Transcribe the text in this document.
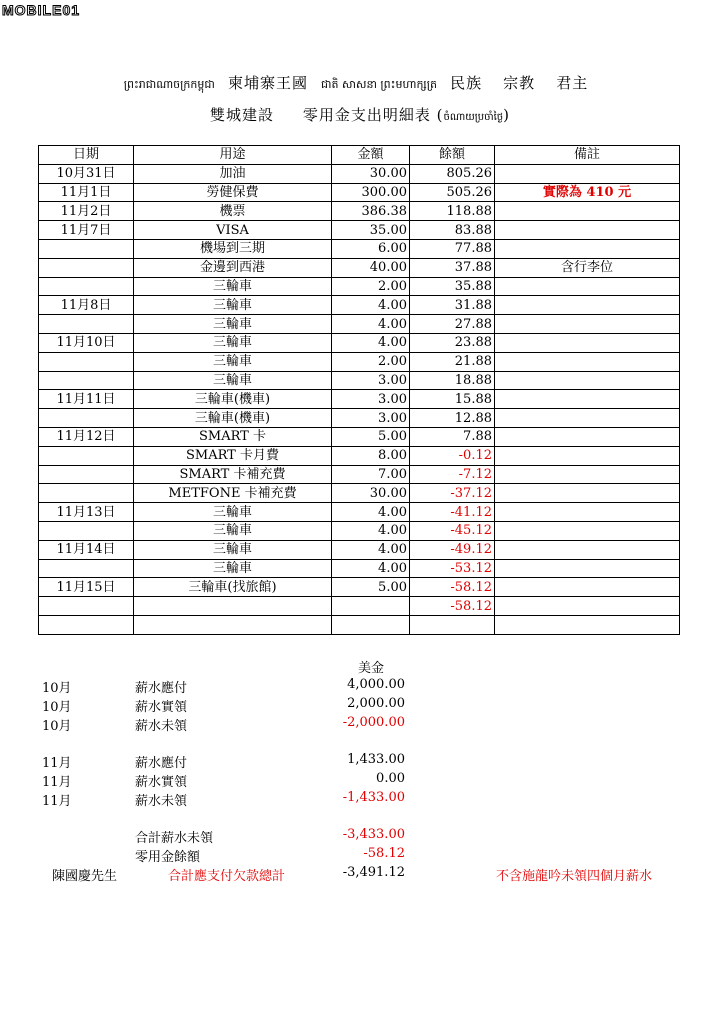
MOBILE01
ព្រះរាជាណាចក្រកម្ពុជា 柬埔寨王國 ជាតិ សាសនា ព្រះមហាក្សត្រ 民族 宗教 君主
雙城建設 零用金支出明細表 (ចំណាយប្រចាំថ្ងៃ)
日期	用途	金額	餘額	備註
10月31日	加油	30.00	805.26	
11月1日	勞健保費	300.00	505.26	實際為 410 元
11月2日	機票	386.38	118.88	
11月7日	VISA	35.00	83.88	
	機場到三期	6.00	77.88	
	金邊到西港	40.00	37.88	含行李位
	三輪車	2.00	35.88	
11月8日	三輪車	4.00	31.88	
	三輪車	4.00	27.88	
11月10日	三輪車	4.00	23.88	
	三輪車	2.00	21.88	
	三輪車	3.00	18.88	
11月11日	三輪車(機車)	3.00	15.88	
	三輪車(機車)	3.00	12.88	
11月12日	SMART 卡	5.00	7.88	
	SMART 卡月費	8.00	-0.12	
	SMART 卡補充費	7.00	-7.12	
	METFONE 卡補充費	30.00	-37.12	
11月13日	三輪車	4.00	-41.12	
	三輪車	4.00	-45.12	
11月14日	三輪車	4.00	-49.12	
	三輪車	4.00	-53.12	
11月15日	三輪車(找旅館)	5.00	-58.12	
			-58.12	

美金
10月	薪水應付	4,000.00
10月	薪水實領	2,000.00
10月	薪水未領	-2,000.00
11月	薪水應付	1,433.00
11月	薪水實領	0.00
11月	薪水未領	-1,433.00
合計薪水未領	-3,433.00
零用金餘額	-58.12
陳國慶先生	合計應支付欠款總計	-3,491.12	不含施龍吟未領四個月薪水
